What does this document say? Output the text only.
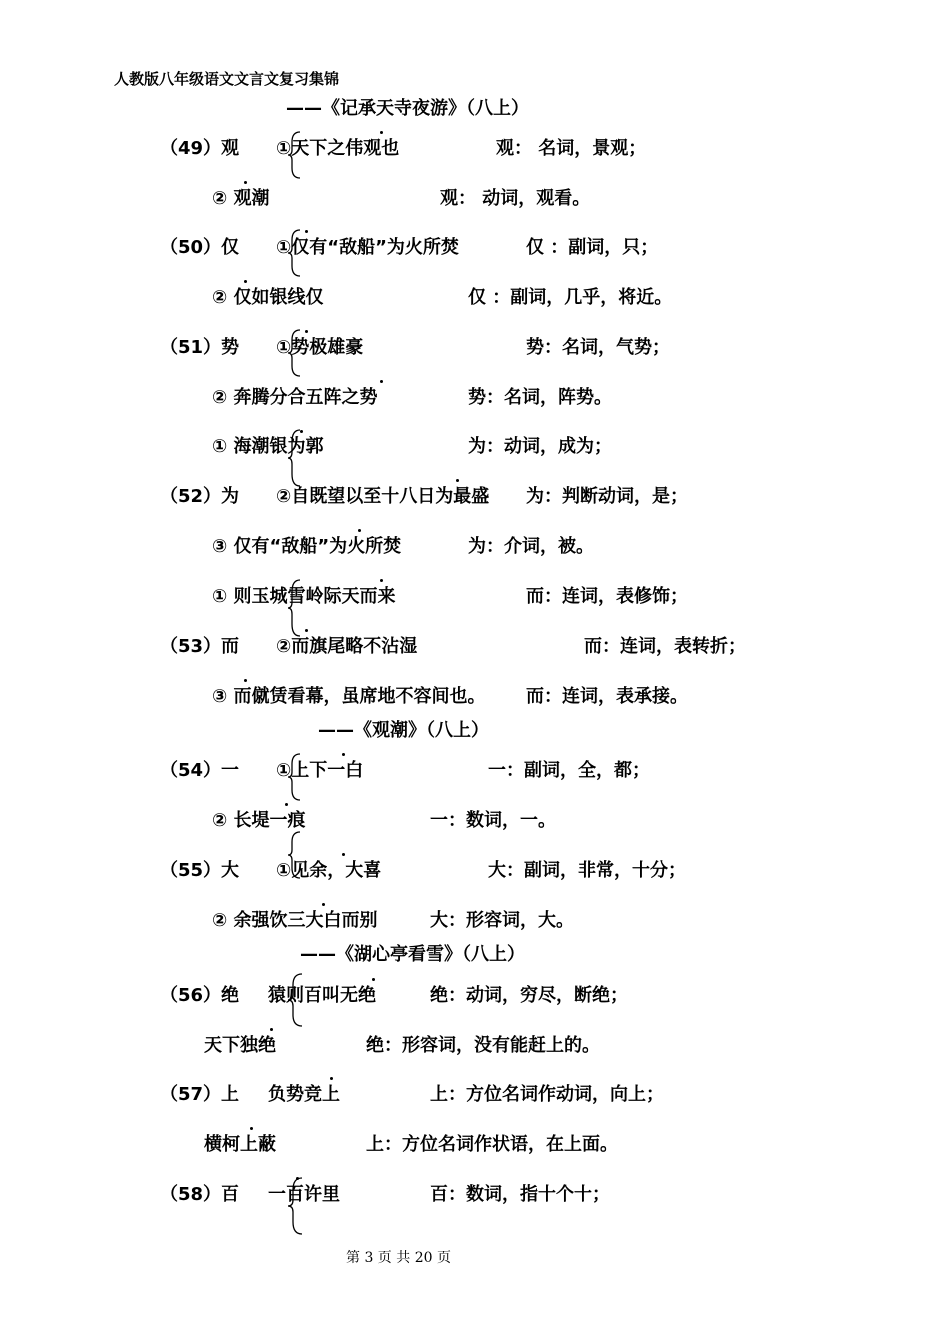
人教版八年级语文文言文复习集锦
——《记承天寺夜游》（八上）
（49）观 ①天下之伟观也	观： 名词，景观；
② 观潮	观： 动词，观看。
（50）仅 ①仅有“敌船”为火所焚	仅 ：副词，只；
② 仅如银线仅	仅 ：副词，几乎，将近。
（51）势 ①势极雄豪	势：名词，气势；
② 奔腾分合五阵之势	势：名词，阵势。
① 海潮银为郭	为：动词，成为；
（52）为 ②自既望以至十八日为最盛 为：判断动词，是；
③ 仅有“敌船”为火所焚	为：介词，被。
① 则玉城雪岭际天而来	而：连词，表修饰；
（53）而 ②而旗尾略不沾湿	而：连词，表转折；
③ 而僦赁看幕，虽席地不容间也。 而：连词，表承接。
——《观潮》（八上）
（54）一 ①上下一白	一：副词，全，都；
② 长堤一痕	一：数词，一。
（55）大 ①见余，大喜	大：副词，非常，十分；
② 余强饮三大白而别	大：形容词，大。
——《湖心亭看雪》（八上）
（56）绝 猿则百叫无绝	绝：动词，穷尽，断绝；
天下独绝	绝：形容词，没有能赶上的。
（57）上 负势竞上	上：方位名词作动词，向上；
横柯上蔽	上：方位名词作状语，在上面。
（58）百 一百许里	百：数词，指十个十；
第 3 页 共 20 页
